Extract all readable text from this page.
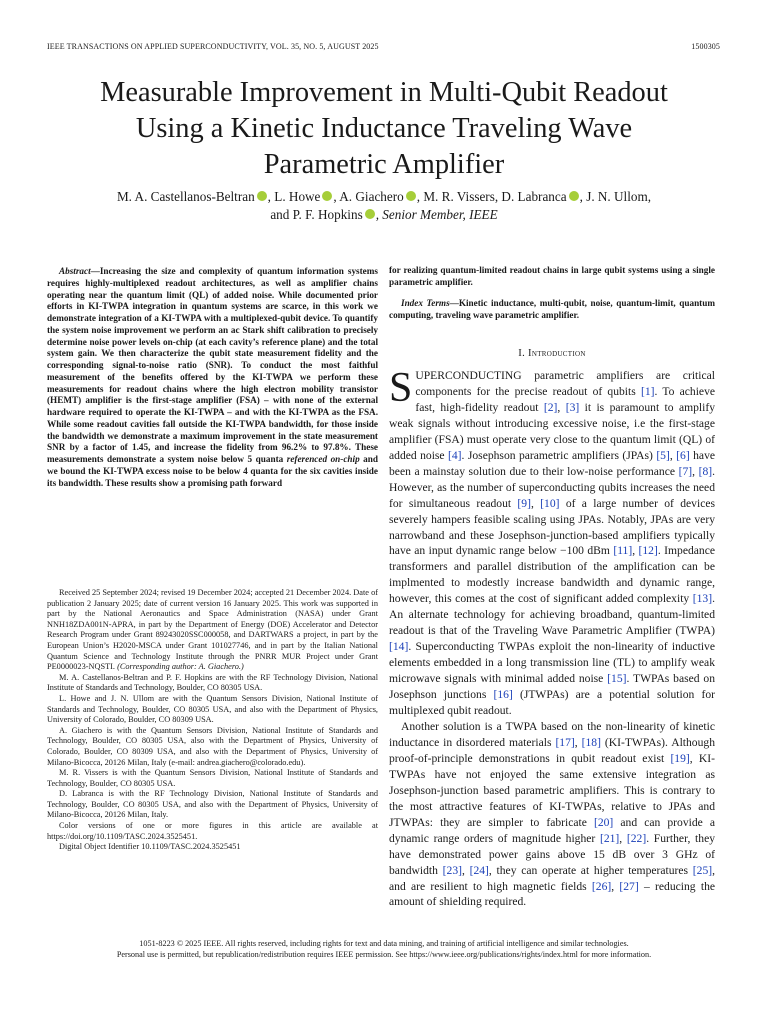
IEEE TRANSACTIONS ON APPLIED SUPERCONDUCTIVITY, VOL. 35, NO. 5, AUGUST 2025	1500305
Measurable Improvement in Multi-Qubit Readout
Using a Kinetic Inductance Traveling Wave
Parametric Amplifier
M. A. Castellanos-Beltran , L. Howe , A. Giachero , M. R. Vissers, D. Labranca , J. N. Ullom,
and P. F. Hopkins , Senior Member, IEEE

Abstract—Increasing the size and complexity of quantum information systems requires highly-multiplexed readout architectures, as well as amplifier chains operating near the quantum limit (QL) of added noise. While documented prior efforts in KI-TWPA integration in quantum systems are scarce, in this work we demonstrate integration of a KI-TWPA with a multiplexed-qubit device. To quantify the system noise improvement we perform an ac Stark shift calibration to precisely determine noise power levels on-chip (at each cavity’s reference plane) and the total system gain. We then characterize the qubit state measurement fidelity and the corresponding signal-to-noise ratio (SNR). To conduct the most faithful measurement of the benefits offered by the KI-TWPA we perform these measurements for readout chains where the high electron mobility transistor (HEMT) amplifier is the first-stage amplifier (FSA) – with none of the external hardware required to operate the KI-TWPA – and with the KI-TWPA as the FSA. While some readout cavities fall outside the KI-TWPA bandwidth, for those inside the bandwidth we demonstrate a maximum improvement in the state measurement SNR by a factor of 1.45, and increase the fidelity from 96.2% to 97.8%. These measurements demonstrate a system noise below 5 quanta referenced on-chip and we bound the KI-TWPA excess noise to be below 4 quanta for the six cavities inside its bandwidth. These results show a promising path forward

Received 25 September 2024; revised 19 December 2024; accepted 21 December 2024. Date of publication 2 January 2025; date of current version 16 January 2025. This work was supported in part by the National Aeronautics and Space Administration (NASA) under Grant NNH18ZDA001N-APRA, in part by the Department of Energy (DOE) Accelerator and Detector Research Program under Grant 89243020SSC000058, and DARTWARS a project, in part by the European Union’s H2020-MSCA under Grant 101027746, and in part by the Italian National Quantum Science and Technology Institute through the PNRR MUR Project under Grant PE0000023-NQSTI. (Corresponding author: A. Giachero.)

M. A. Castellanos-Beltran and P. F. Hopkins are with the RF Technology Division, National Institute of Standards and Technology, Boulder, CO 80305 USA.

L. Howe and J. N. Ullom are with the Quantum Sensors Division, National Institute of Standards and Technology, Boulder, CO 80305 USA, and also with the Department of Physics, University of Colorado, Boulder, CO 80309 USA.

A. Giachero is with the Quantum Sensors Division, National Institute of Standards and Technology, Boulder, CO 80305 USA, also with the Department of Physics, University of Colorado, Boulder, CO 80309 USA, and also with the Department of Physics, University of Milano-Bicocca, 20126 Milan, Italy (e-mail: andrea.giachero@colorado.edu).

M. R. Vissers is with the Quantum Sensors Division, National Institute of Standards and Technology, Boulder, CO 80305 USA.

D. Labranca is with the RF Technology Division, National Institute of Standards and Technology, Boulder, CO 80305 USA, and also with the Department of Physics, University of Milano-Bicocca, 20126 Milan, Italy.

Color versions of one or more figures in this article are available at https://doi.org/10.1109/TASC.2024.3525451.

Digital Object Identifier 10.1109/TASC.2024.3525451

for realizing quantum-limited readout chains in large qubit systems using a single parametric amplifier.
Index Terms—Kinetic inductance, multi-qubit, noise, quantum-limit, quantum computing, traveling wave parametric amplifier.
I. Introduction

SUPERCONDUCTING parametric amplifiers are critical components for the precise readout of qubits [1]. To achieve fast, high-fidelity readout [2], [3] it is paramount to amplify weak signals without introducing excessive noise, i.e the first-stage amplifier (FSA) must operate very close to the quantum limit (QL) of added noise [4]. Josephson parametric amplifiers (JPAs) [5], [6] have been a mainstay solution due to their low-noise performance [7], [8]. However, as the number of superconducting qubits increases the need for simultaneous readout [9], [10] of a large number of devices severely hampers feasible scaling using JPAs. Notably, JPAs are very narrowband and these Josephson-junction-based amplifiers typically have an input dynamic range below −100 dBm [11], [12]. Impedance transformers and parallel distribution of the amplification can be implmented to modestly increase bandwidth and dynamic range, however, this comes at the cost of significant added complexity [13]. An alternate technology for achieving broadband, quantum-limited readout is that of the Traveling Wave Parametric Amplifier (TWPA) [14]. Superconducting TWPAs exploit the non-linearity of inductive elements embedded in a long transmission line (TL) to amplify weak microwave signals with minimal added noise [15]. TWPAs based on Josephson junctions [16] (JTWPAs) are a potential solution for multiplexed qubit readout.

Another solution is a TWPA based on the non-linearity of kinetic inductance in disordered materials [17], [18] (KI-TWPAs). Although proof-of-principle demonstrations in qubit readout exist [19], KI-TWPAs have not enjoyed the same extensive integration as Josephson-junction based parametric amplifiers. This is contrary to the most attractive features of KI-TWPAs, relative to JPAs and JTWPAs: they are simpler to fabricate [20] and can provide a dynamic range orders of magnitude higher [21], [22]. Further, they have demonstrated power gains above 15 dB over 3 GHz of bandwidth [23], [24], they can operate at higher temperatures [25], and are resilient to high magnetic fields [26], [27] – reducing the amount of shielding required.

1051-8223 © 2025 IEEE. All rights reserved, including rights for text and data mining, and training of artificial intelligence and similar technologies.
Personal use is permitted, but republication/redistribution requires IEEE permission. See https://www.ieee.org/publications/rights/index.html for more information.
